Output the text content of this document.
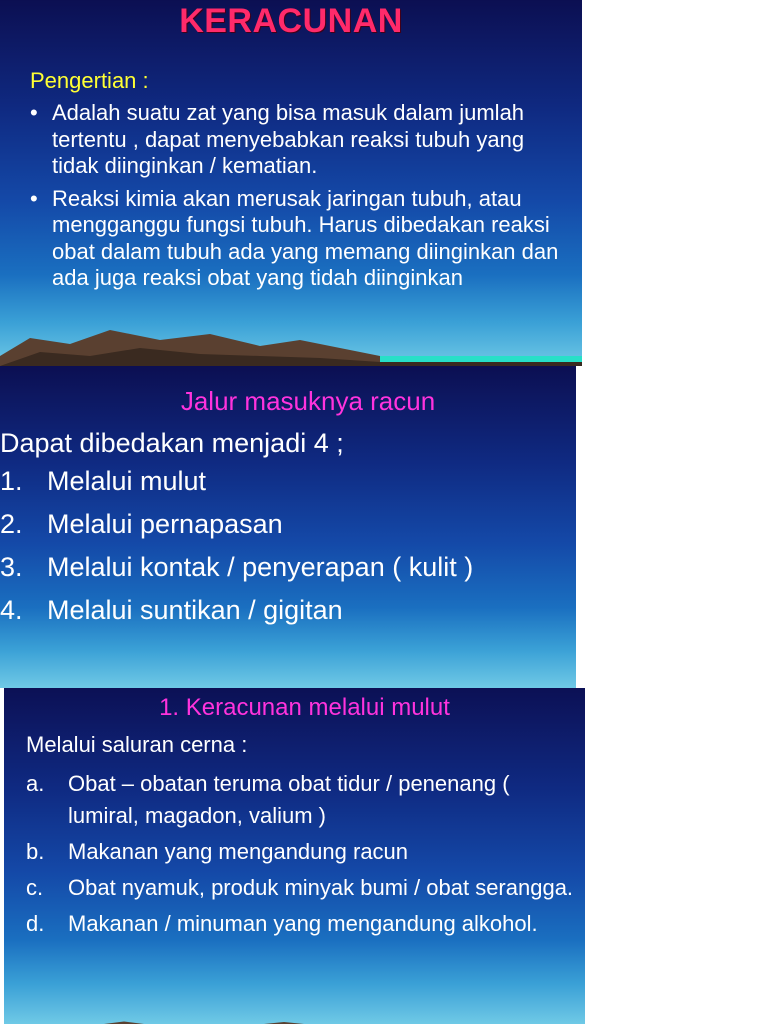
KERACUNAN
Pengertian :
• Adalah suatu zat yang bisa masuk dalam jumlah tertentu , dapat menyebabkan reaksi tubuh yang tidak diinginkan / kematian.
• Reaksi kimia akan merusak jaringan tubuh, atau mengganggu fungsi tubuh. Harus dibedakan reaksi obat dalam tubuh ada yang memang diinginkan dan ada juga reaksi obat yang tidah diinginkan
Jalur masuknya racun
Dapat dibedakan menjadi 4 ;
1. Melalui mulut
2. Melalui pernapasan
3. Melalui kontak / penyerapan ( kulit )
4. Melalui suntikan / gigitan
1. Keracunan melalui mulut
Melalui saluran cerna :
a.	Obat – obatan teruma obat tidur / penenang ( lumiral, magadon, valium )
b.	Makanan yang mengandung racun
c.	Obat nyamuk, produk minyak bumi / obat serangga.
d.	Makanan / minuman yang mengandung alkohol.
